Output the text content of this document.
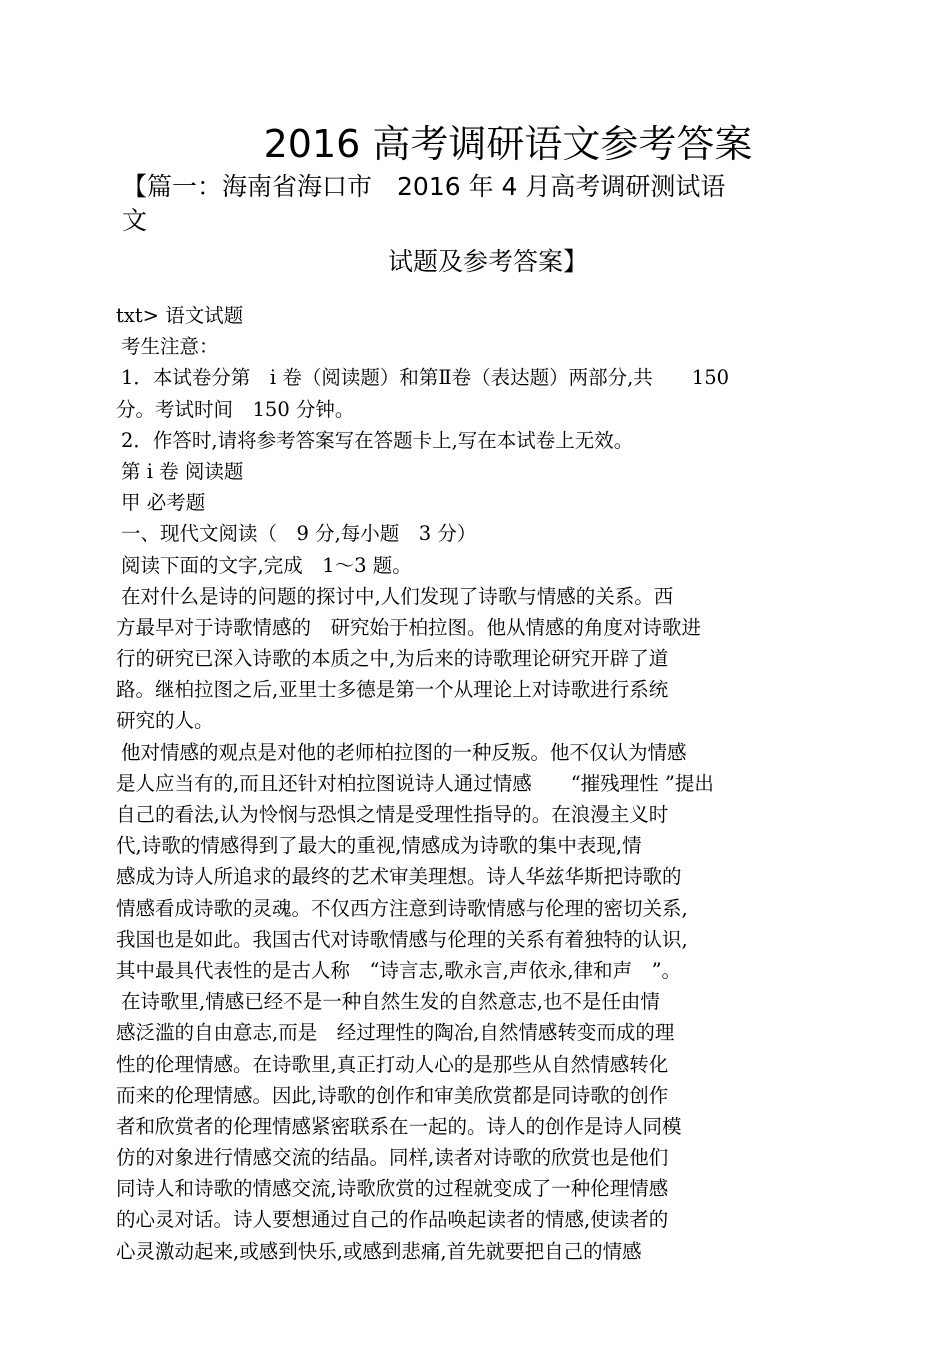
2016 高考调研语文参考答案
【篇一：海南省海口市　2016 年 4 月高考调研测试语
文
试题及参考答案】
txt> 语文试题
考生注意：
1．本试卷分第　i 卷（阅读题）和第Ⅱ卷（表达题）两部分,共　　150
分。考试时间　150 分钟。
2．作答时,请将参考答案写在答题卡上,写在本试卷上无效。
第 i 卷 阅读题
甲 必考题
一、现代文阅读（　9 分,每小题　3 分）
阅读下面的文字,完成　1～3 题。
在对什么是诗的问题的探讨中,人们发现了诗歌与情感的关系。西
方最早对于诗歌情感的　研究始于柏拉图。他从情感的角度对诗歌进
行的研究已深入诗歌的本质之中,为后来的诗歌理论研究开辟了道
路。继柏拉图之后,亚里士多德是第一个从理论上对诗歌进行系统
研究的人。
他对情感的观点是对他的老师柏拉图的一种反叛。他不仅认为情感
是人应当有的,而且还针对柏拉图说诗人通过情感　　“摧残理性 ”提出
自己的看法,认为怜悯与恐惧之情是受理性指导的。在浪漫主义时
代,诗歌的情感得到了最大的重视,情感成为诗歌的集中表现,情
感成为诗人所追求的最终的艺术审美理想。诗人华兹华斯把诗歌的
情感看成诗歌的灵魂。不仅西方注意到诗歌情感与伦理的密切关系,
我国也是如此。我国古代对诗歌情感与伦理的关系有着独特的认识,
其中最具代表性的是古人称　“诗言志,歌永言,声依永,律和声　”。
在诗歌里,情感已经不是一种自然生发的自然意志,也不是任由情
感泛滥的自由意志,而是　经过理性的陶冶,自然情感转变而成的理
性的伦理情感。在诗歌里,真正打动人心的是那些从自然情感转化
而来的伦理情感。因此,诗歌的创作和审美欣赏都是同诗歌的创作
者和欣赏者的伦理情感紧密联系在一起的。诗人的创作是诗人同模
仿的对象进行情感交流的结晶。同样,读者对诗歌的欣赏也是他们
同诗人和诗歌的情感交流,诗歌欣赏的过程就变成了一种伦理情感
的心灵对话。诗人要想通过自己的作品唤起读者的情感,使读者的
心灵激动起来,或感到快乐,或感到悲痛,首先就要把自己的情感
